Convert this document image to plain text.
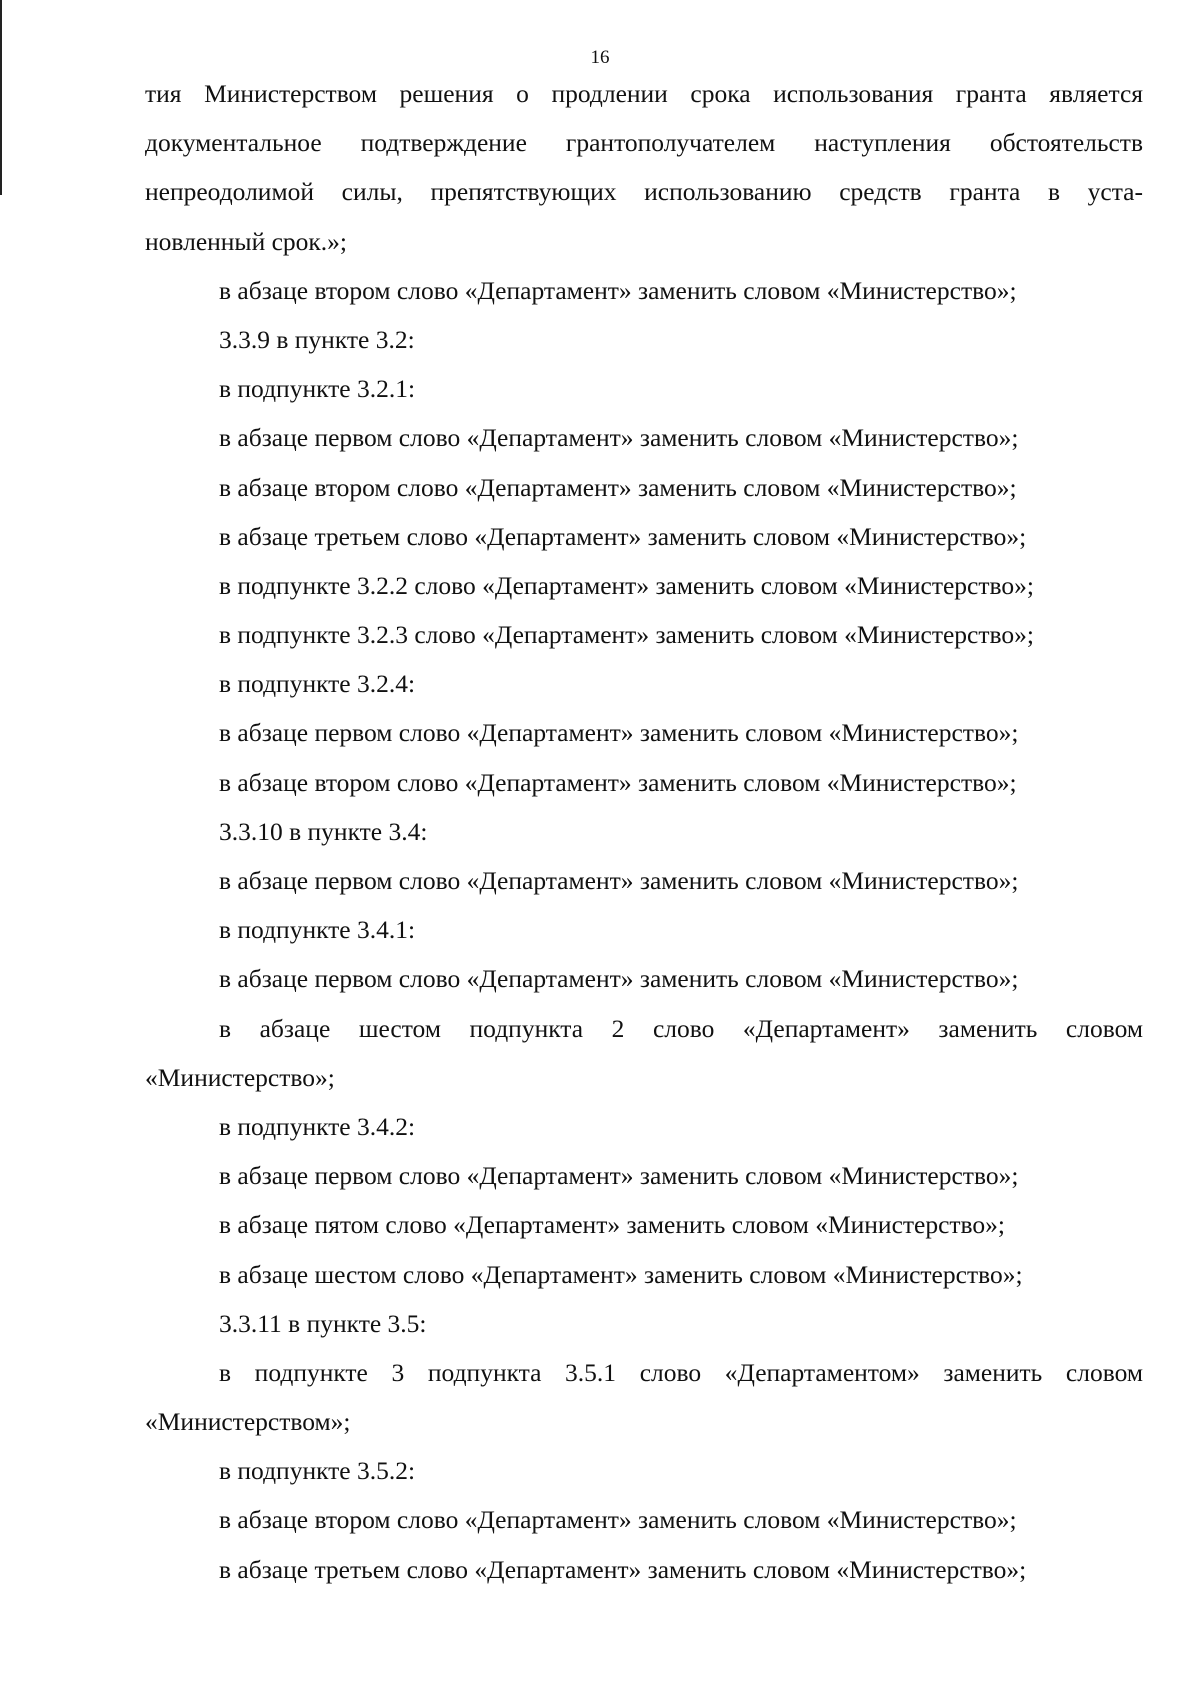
16
тия Министерством решения о продлении срока использования гранта является
документальное подтверждение грантополучателем наступления обстоятельств
непреодолимой силы, препятствующих использованию средств гранта в уста-
новленный срок.»;
в абзаце втором слово «Департамент» заменить словом «Министерство»;
3.3.9 в пункте 3.2:
в подпункте 3.2.1:
в абзаце первом слово «Департамент» заменить словом «Министерство»;
в абзаце втором слово «Департамент» заменить словом «Министерство»;
в абзаце третьем слово «Департамент» заменить словом «Министерство»;
в подпункте 3.2.2 слово «Департамент» заменить словом «Министерство»;
в подпункте 3.2.3 слово «Департамент» заменить словом «Министерство»;
в подпункте 3.2.4:
в абзаце первом слово «Департамент» заменить словом «Министерство»;
в абзаце втором слово «Департамент» заменить словом «Министерство»;
3.3.10 в пункте 3.4:
в абзаце первом слово «Департамент» заменить словом «Министерство»;
в подпункте 3.4.1:
в абзаце первом слово «Департамент» заменить словом «Министерство»;
в абзаце шестом подпункта 2 слово «Департамент» заменить словом
«Министерство»;
в подпункте 3.4.2:
в абзаце первом слово «Департамент» заменить словом «Министерство»;
в абзаце пятом слово «Департамент» заменить словом «Министерство»;
в абзаце шестом слово «Департамент» заменить словом «Министерство»;
3.3.11 в пункте 3.5:
в подпункте 3 подпункта 3.5.1 слово «Департаментом» заменить словом
«Министерством»;
в подпункте 3.5.2:
в абзаце втором слово «Департамент» заменить словом «Министерство»;
в абзаце третьем слово «Департамент» заменить словом «Министерство»;
